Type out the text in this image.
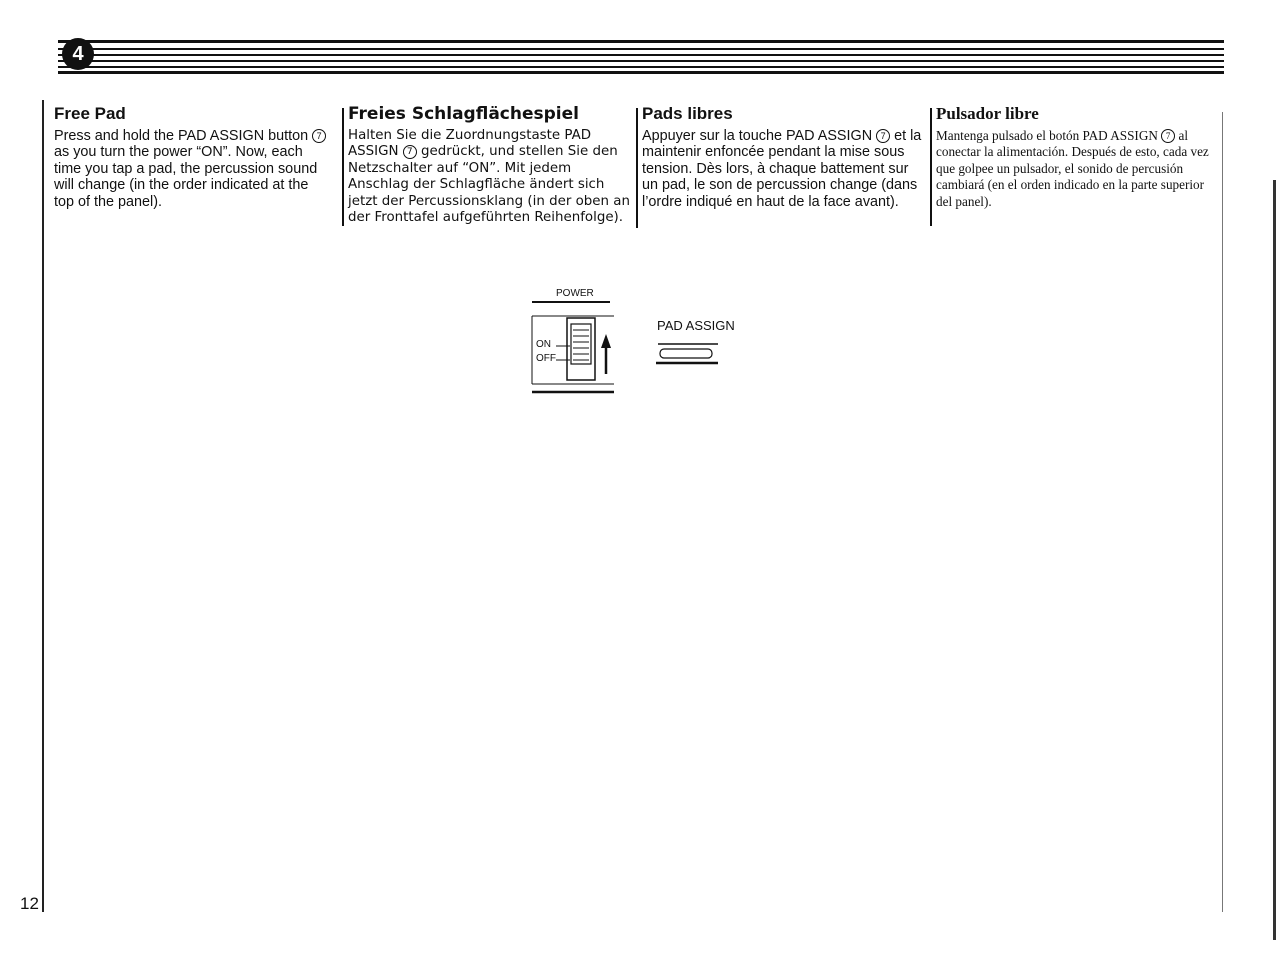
4
Free Pad

Press and hold the PAD ASSIGN button 7 as you turn the power “ON”. Now, each time you tap a pad, the percussion sound will change (in the order indicated at the top of the panel).

Freies Schlagflächespiel

Halten Sie die Zuordnungstaste PAD ASSIGN 7 gedrückt, und stellen Sie den Netzschalter auf “ON”. Mit jedem Anschlag der Schlagfläche ändert sich jetzt der Percussionsklang (in der oben an der Fronttafel aufgeführten Reihenfolge).

Pads libres

Appuyer sur la touche PAD ASSIGN 7 et la maintenir enfoncée pendant la mise sous tension. Dès lors, à chaque battement sur un pad, le son de percussion change (dans l’ordre indiqué en haut de la face avant).

Pulsador libre

Mantenga pulsado el botón PAD ASSIGN 7 al conectar la alimentación. Después de esto, cada vez que golpee un pulsador, el sonido de percusión cambiará (en el orden indicado en la parte superior del panel).

POWER
ON
OFF
PAD ASSIGN
12
